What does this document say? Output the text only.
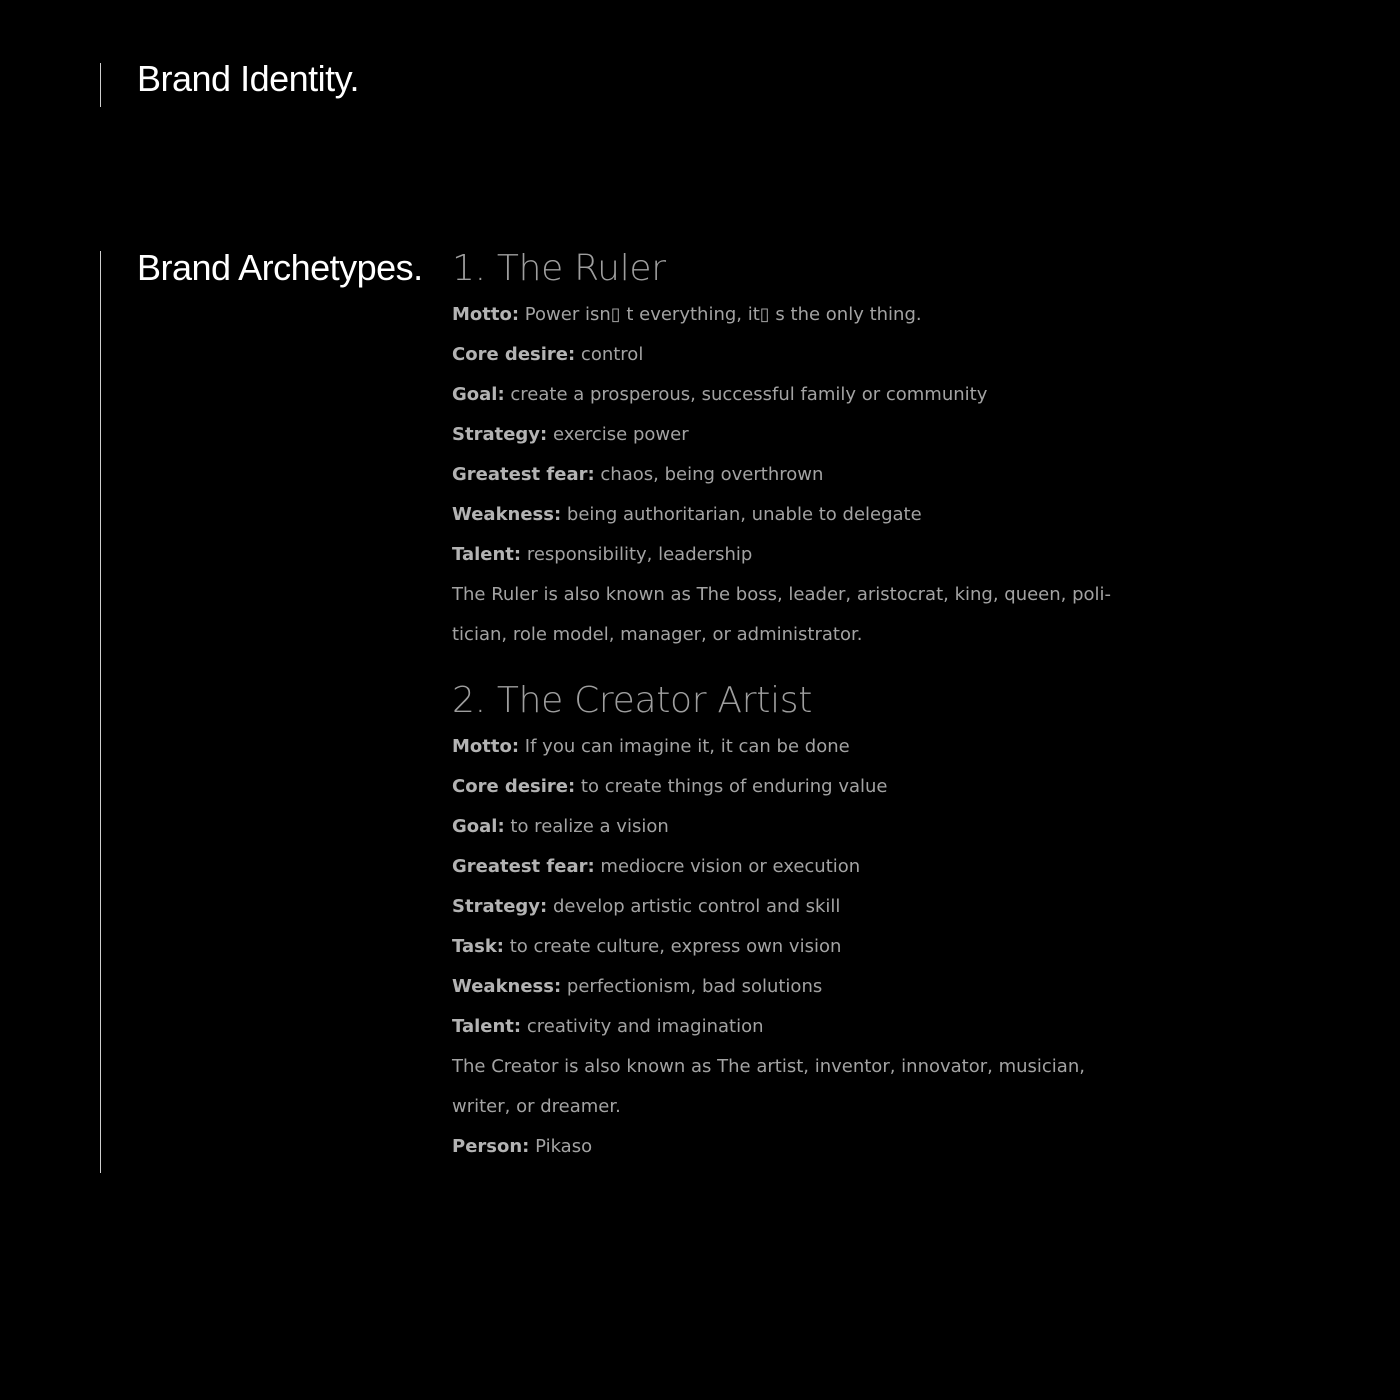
Brand Identity.
Brand Archetypes. 1. The Ruler

Motto: Power isn▯ t everything, it▯ s the only thing.

Core desire: control

Goal: create a prosperous, successful family or community

Strategy: exercise power

Greatest fear: chaos, being overthrown

Weakness: being authoritarian, unable to delegate

Talent: responsibility, leadership

The Ruler is also known as The boss, leader, aristocrat, king, queen, poli-
tician, role model, manager, or administrator.

2. The Creator Artist

Motto: If you can imagine it, it can be done

Core desire: to create things of enduring value

Goal: to realize a vision

Greatest fear: mediocre vision or execution

Strategy: develop artistic control and skill

Task: to create culture, express own vision

Weakness: perfectionism, bad solutions

Talent: creativity and imagination

The Creator is also known as The artist, inventor, innovator, musician,
writer, or dreamer.

Person: Pikaso
